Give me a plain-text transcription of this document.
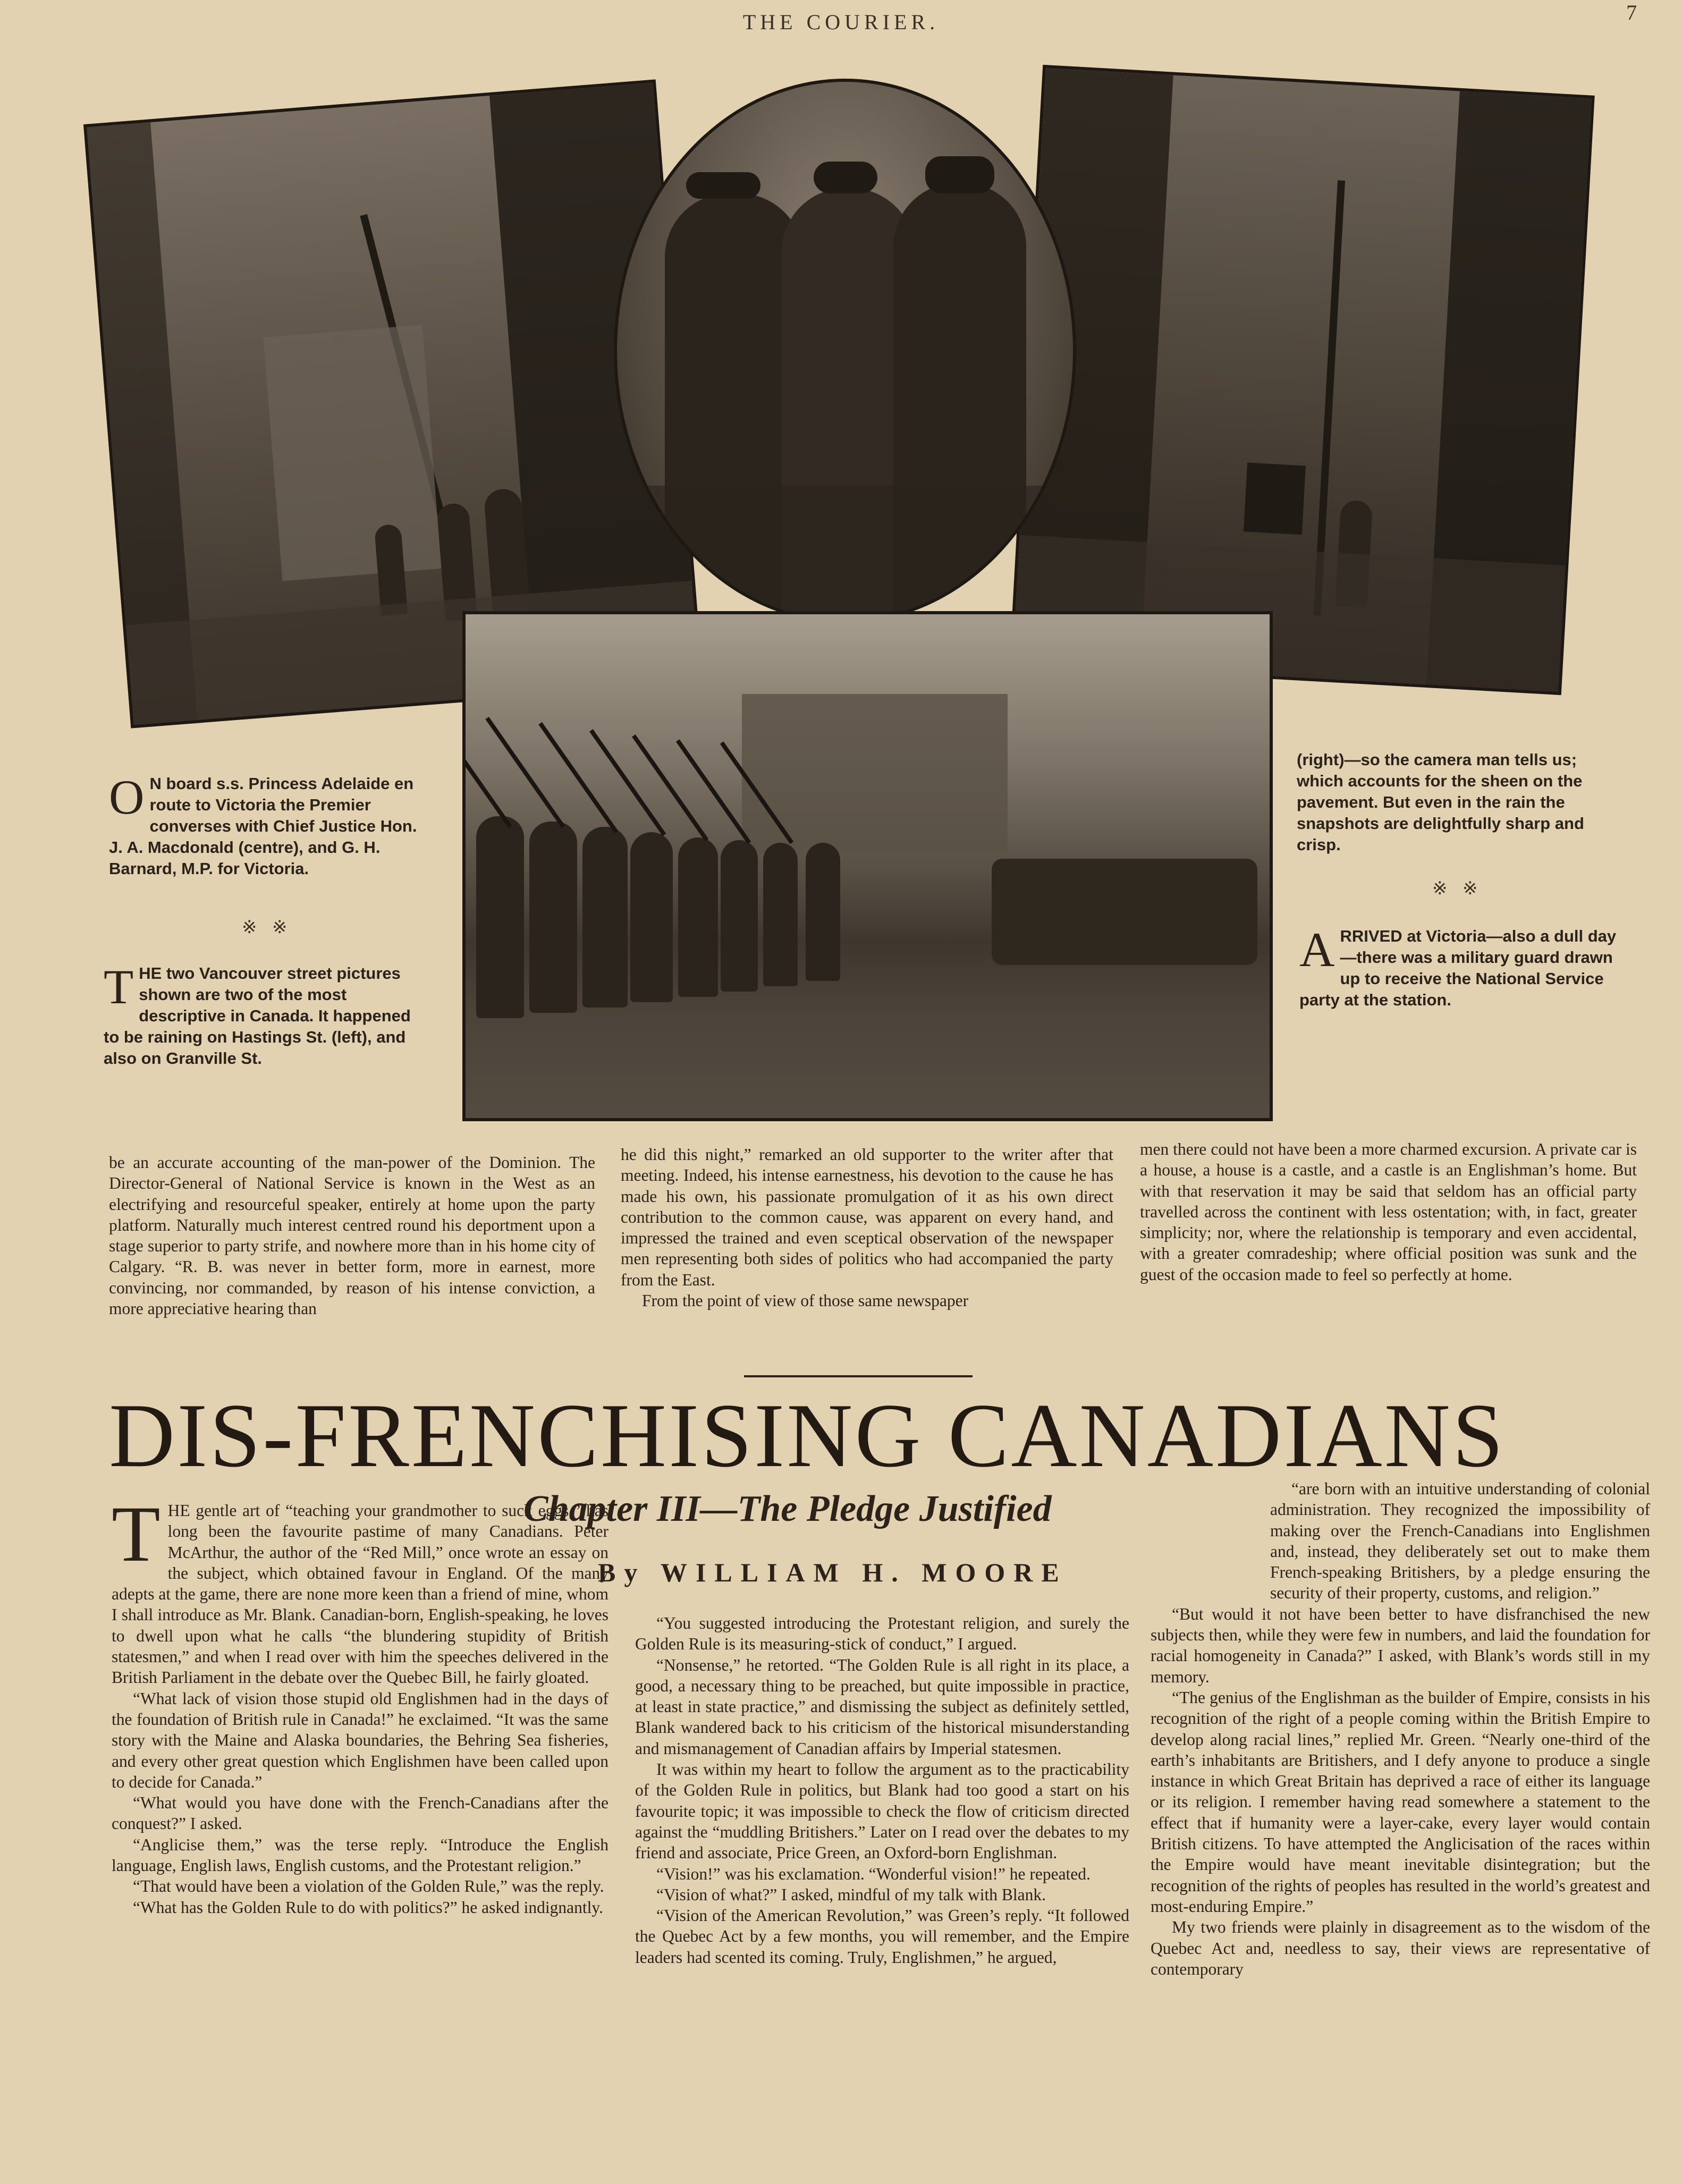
THE COURIER.	7
O N board s.s. Princess Adelaide en route to Victoria the Premier converses with Chief Justice Hon. J. A. Macdonald (centre), and G. H. Barnard, M.P. for Victoria.
※ ※
THE two Vancouver street pictures shown are two of the most descriptive in Canada. It happened to be raining on Hastings St. (left), and also on Granville St.
(right)—so the camera man tells us; which accounts for the sheen on the pavement. But even in the rain the snapshots are delightfully sharp and crisp.
※ ※
ARRIVED at Victoria—also a dull day—there was a military guard drawn up to receive the National Service party at the station.

be an accurate accounting of the man-power of the Dominion. The Director-General of National Service is known in the West as an electrifying and resourceful speaker, entirely at home upon the party platform. Naturally much interest centred round his deportment upon a stage superior to party strife, and nowhere more than in his home city of Calgary. “R. B. was never in better form, more in earnest, more convincing, nor commanded, by reason of his intense conviction, a more appreciative hearing than

he did this night,” remarked an old supporter to the writer after that meeting. Indeed, his intense earnestness, his devotion to the cause he has made his own, his passionate promulgation of it as his own direct contribution to the common cause, was apparent on every hand, and impressed the trained and even sceptical observation of the newspaper men representing both sides of politics who had accompanied the party from the East.

From the point of view of those same newspaper

men there could not have been a more charmed excursion. A private car is a house, a house is a castle, and a castle is an Englishman’s home. But with that reservation it may be said that seldom has an official party travelled across the continent with less ostentation; with, in fact, greater simplicity; nor, where the relationship is temporary and even accidental, with a greater comradeship; where official position was sunk and the guest of the occasion made to feel so perfectly at home.

DIS-FRENCHISING CANADIANS
Chapter III—The Pledge Justified
By WILLIAM H. MOORE

THE gentle art of “teaching your grandmother to suck eggs,” has long been the favourite pastime of many Canadians. Peter McArthur, the author of the “Red Mill,” once wrote an essay on the subject, which obtained favour in England. Of the many adepts at the game, there are none more keen than a friend of mine, whom I shall introduce as Mr. Blank. Canadian-born, English-speaking, he loves to dwell upon what he calls “the blundering stupidity of British statesmen,” and when I read over with him the speeches delivered in the British Parliament in the debate over the Quebec Bill, he fairly gloated.

“What lack of vision those stupid old Englishmen had in the days of the foundation of British rule in Canada!” he exclaimed. “It was the same story with the Maine and Alaska boundaries, the Behring Sea fisheries, and every other great question which Englishmen have been called upon to decide for Canada.”

“What would you have done with the French-Canadians after the conquest?” I asked.

“Anglicise them,” was the terse reply. “Introduce the English language, English laws, English customs, and the Protestant religion.”

“That would have been a violation of the Golden Rule,” was the reply.

“What has the Golden Rule to do with politics?” he asked indignantly.

“You suggested introducing the Protestant religion, and surely the Golden Rule is its measuring-stick of conduct,” I argued.

“Nonsense,” he retorted. “The Golden Rule is all right in its place, a good, a necessary thing to be preached, but quite impossible in practice, at least in state practice,” and dismissing the subject as definitely settled, Blank wandered back to his criticism of the historical misunderstanding and mismanagement of Canadian affairs by Imperial statesmen.

It was within my heart to follow the argument as to the practicability of the Golden Rule in politics, but Blank had too good a start on his favourite topic; it was impossible to check the flow of criticism directed against the “muddling Britishers.” Later on I read over the debates to my friend and associate, Price Green, an Oxford-born Englishman.

“Vision!” was his exclamation. “Wonderful vision!” he repeated.

“Vision of what?” I asked, mindful of my talk with Blank.

“Vision of the American Revolution,” was Green’s reply. “It followed the Quebec Act by a few months, you will remember, and the Empire leaders had scented its coming. Truly, Englishmen,” he argued,

“are born with an intuitive understanding of colonial administration. They recognized the impossibility of making over the French-Canadians into Englishmen and, instead, they deliberately set out to make them French-speaking Britishers, by a pledge ensuring the security of their property, customs, and religion.”

“But would it not have been better to have disfranchised the new subjects then, while they were few in numbers, and laid the foundation for racial homogeneity in Canada?” I asked, with Blank’s words still in my memory.

“The genius of the Englishman as the builder of Empire, consists in his recognition of the right of a people coming within the British Empire to develop along racial lines,” replied Mr. Green. “Nearly one-third of the earth’s inhabitants are Britishers, and I defy anyone to produce a single instance in which Great Britain has deprived a race of either its language or its religion. I remember having read somewhere a statement to the effect that if humanity were a layer-cake, every layer would contain British citizens. To have attempted the Anglicisation of the races within the Empire would have meant inevitable disintegration; but the recognition of the rights of peoples has resulted in the world’s greatest and most-enduring Empire.”

My two friends were plainly in disagreement as to the wisdom of the Quebec Act and, needless to say, their views are representative of contemporary
